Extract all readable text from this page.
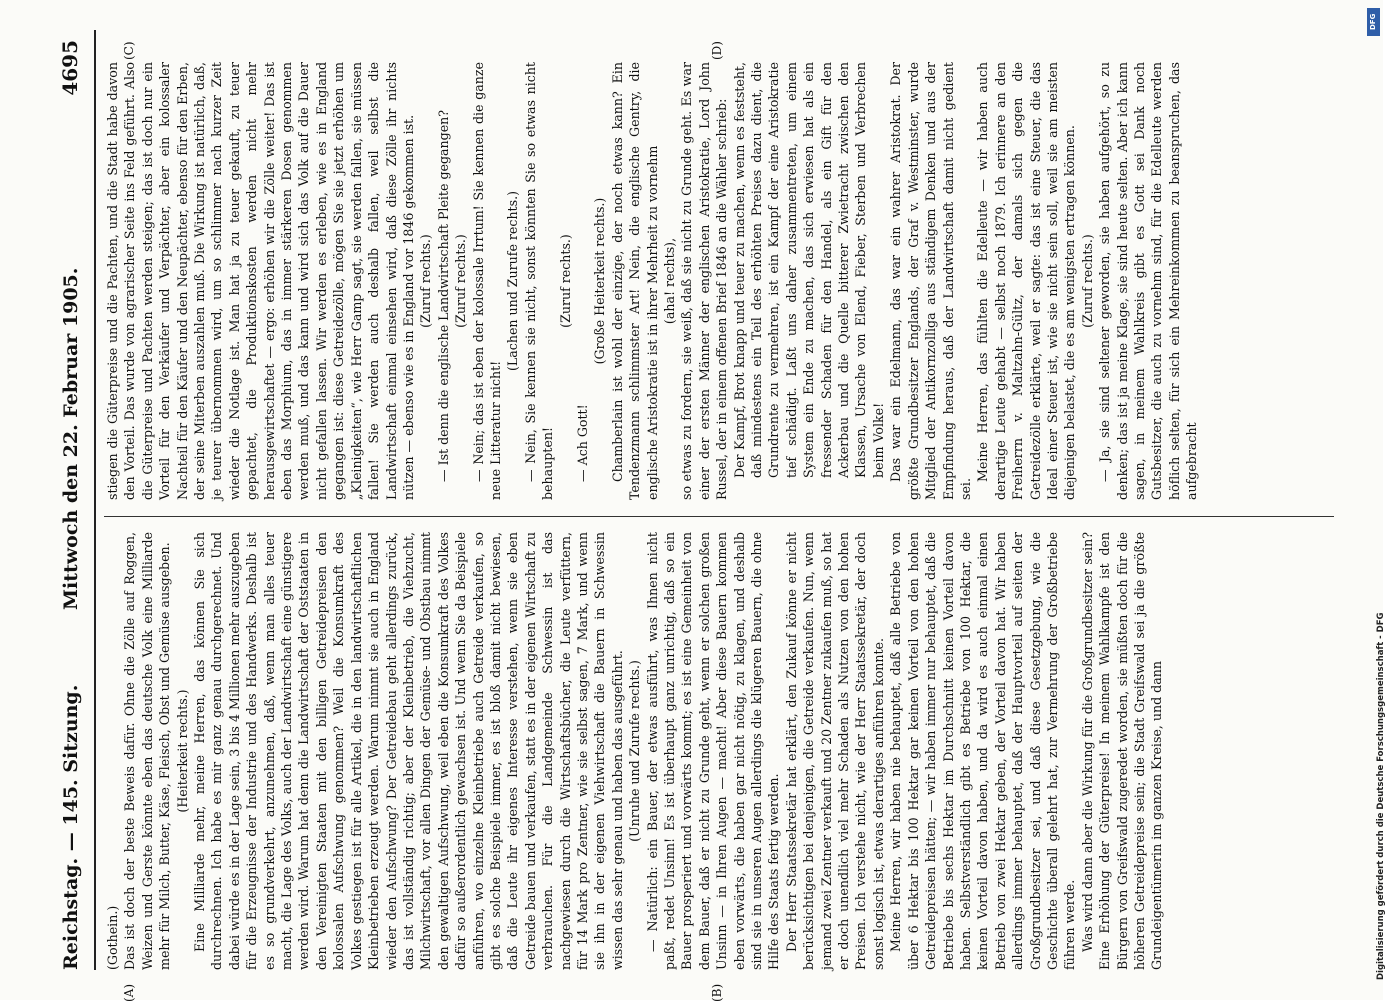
Reichstag. — 145. Sitzung.
Mittwoch den 22. Februar 1905.
4695
(A)	(B)
(C)	(D)

(Gothein.) Das ist doch der beste Beweis dafür. Ohne die Zölle auf Roggen, Weizen und Gerste könnte eben das deutsche Volk eine Milliarde mehr für Milch, Butter, Käse, Fleisch, Obst und Gemüse ausgeben. (Heiterkeit rechts.) Eine Milliarde mehr, meine Herren, das können Sie sich durchrechnen. Ich habe es mir ganz genau durchgerechnet. Und dabei würde es in der Lage sein, 3 bis 4 Millionen mehr auszugeben für die Erzeugnisse der Industrie und des Handwerks. Deshalb ist es so grundverkehrt, anzunehmen, daß, wenn man alles teuer macht, die Lage des Volks, auch der Landwirtschaft eine günstigere werden wird. Warum hat denn die Landwirtschaft der Oststaaten in den Vereinigten Staaten mit den billigen Getreidepreisen den kolossalen Aufschwung genommen? Weil die Konsumkraft des Volkes gestiegen ist für alle Artikel, die in den landwirtschaftlichen Kleinbetrieben erzeugt werden. Warum nimmt sie auch in England wieder den Aufschwung? Der Getreidebau geht allerdings zurück, das ist vollständig richtig; aber der Kleinbetrieb, die Viehzucht, Milchwirtschaft, vor allen Dingen der Gemüse- und Obstbau nimmt den gewaltigen Aufschwung, weil eben die Konsumkraft des Volkes dafür so außerordentlich gewachsen ist. Und wenn Sie da Beispiele anführen, wo einzelne Kleinbetriebe auch Getreide verkaufen, so gibt es solche Beispiele immer, es ist bloß damit nicht bewiesen, daß die Leute ihr eigenes Interesse verstehen, wenn sie eben Getreide bauen und verkaufen, statt es in der eigenen Wirtschaft zu verbrauchen. Für die Landgemeinde Schwessin ist das nachgewiesen durch die Wirtschaftsbücher, die Leute verfüttern, für 14 Mark pro Zentner, wie sie selbst sagen, 7 Mark, und wenn sie ihn in der eigenen Viehwirtschaft die Bauern in Schwessin wissen das sehr genau und haben das ausgeführt. (Unruhe und Zurufe rechts.) — Natürlich: ein Bauer, der etwas ausführt, was Ihnen nicht paßt, redet Unsinn! Es ist überhaupt ganz unrichtig, daß so ein Bauer prosperiert und vorwärts kommt; es ist eine Gemeinheit von dem Bauer, daß er nicht zu Grunde geht, wenn er solchen großen Unsinn — in Ihren Augen — macht! Aber diese Bauern kommen eben vorwärts, die haben gar nicht nötig, zu klagen, und deshalb sind sie in unseren Augen allerdings die klügeren Bauern, die ohne Hilfe des Staats fertig werden. Der Herr Staatssekretär hat erklärt, den Zukauf könne er nicht berücksichtigen bei denjenigen, die Getreide verkaufen. Nun, wenn jemand zwei Zentner verkauft und 20 Zentner zukaufen muß, so hat er doch unendlich viel mehr Schaden als Nutzen von den hohen Preisen. Ich verstehe nicht, wie der Herr Staatssekretär, der doch sonst logisch ist, etwas derartiges anführen konnte. Meine Herren, wir haben nie behauptet, daß alle Betriebe von über 6 Hektar bis 100 Hektar gar keinen Vorteil von den hohen Getreidepreisen hätten; — wir haben immer nur behauptet, daß die Betriebe bis sechs Hektar im Durchschnitt keinen Vorteil davon haben. Selbstverständlich gibt es Betriebe von 100 Hektar, die keinen Vorteil davon haben, und da wird es auch einmal einen Betrieb von zwei Hektar geben, der Vorteil davon hat. Wir haben allerdings immer behauptet, daß der Hauptvorteil auf seiten der Großgrundbesitzer sei, und daß diese Gesetzgebung, wie die Geschichte überall gelehrt hat, zur Vermehrung der Großbetriebe führen werde. Was wird dann aber die Wirkung für die Großgrundbesitzer sein? Eine Erhöhung der Güterpreise! In meinem Wahlkampfe ist den Bürgern von Greifswald zugeredet worden, sie müßten doch für die höheren Getreidepreise sein; die Stadt Greifswald sei ja die größte Grundeigentümerin im ganzen Kreise, und dann

stiegen die Güterpreise und die Pachten, und die Stadt habe davon den Vorteil. Das wurde von agrarischer Seite ins Feld geführt. Also die Güterpreise und Pachten werden steigen; das ist doch nur ein Vorteil für den Verkäufer und Verpächter, aber ein kolossaler Nachteil für den Käufer und den Neupächter, ebenso für den Erben, der seine Miterben auszahlen muß. Die Wirkung ist natürlich, daß, je teurer übernommen wird, um so schlimmer nach kurzer Zeit wieder die Notlage ist. Man hat ja zu teuer gekauft, zu teuer gepachtet, die Produktionskosten werden nicht mehr herausgewirtschaftet — ergo: erhöhen wir die Zölle weiter! Das ist eben das Morphium, das in immer stärkeren Dosen genommen werden muß, und das kann und wird sich das Volk auf die Dauer nicht gefallen lassen. Wir werden es erleben, wie es in England gegangen ist: diese Getreidezölle, mögen Sie sie jetzt erhöhen um „Kleinigkeiten“, wie Herr Gamp sagt, sie werden fallen, sie müssen fallen! Sie werden auch deshalb fallen, weil selbst die Landwirtschaft einmal einsehen wird, daß diese Zölle ihr nichts nützen — ebenso wie es in England vor 1846 gekommen ist. (Zuruf rechts.) — Ist denn die englische Landwirtschaft Pleite gegangen? (Zuruf rechts.) — Nein; das ist eben der kolossale Irrtum! Sie kennen die ganze neue Litteratur nicht!

(Lachen und Zurufe rechts.) — Nein, Sie kennen sie nicht, sonst könnten Sie so etwas nicht behaupten!

(Zuruf rechts.)

— Ach Gott!

(Große Heiterkeit rechts.) Chamberlain ist wohl der einzige, der noch etwas kann? Ein Tendenzmann schlimmster Art! Nein, die englische Gentry, die englische Aristokratie ist in ihrer Mehrheit zu vornehm (aha! rechts), so etwas zu fordern, sie weiß, daß sie nicht zu Grunde geht. Es war einer der ersten Männer der englischen Aristokratie, Lord John Russel, der in einem offenen Brief 1846 an die Wähler schrieb: Der Kampf, Brot knapp und teuer zu machen, wenn es feststeht, daß mindestens ein Teil des erhöhten Preises dazu dient, die Grundrente zu vermehren, ist ein Kampf der eine Aristokratie tief schädigt. Laßt uns daher zusammentreten, um einem System ein Ende zu machen, das sich erwiesen hat als ein fressender Schaden für den Handel, als ein Gift für den Ackerbau und die Quelle bitterer Zwietracht zwischen den Klassen, Ursache von Elend, Fieber, Sterben und Verbrechen beim Volke! Das war ein Edelmann, das war ein wahrer Aristokrat. Der größte Grundbesitzer Englands, der Graf v. Westminster, wurde Mitglied der Antikornzolliga aus ständigem Denken und aus der Empfindung heraus, daß der Landwirtschaft damit nicht gedient sei.

Meine Herren, das fühlten die Edelleute — wir haben auch derartige Leute gehabt — selbst noch 1879. Ich erinnere an den Freiherrn v. Maltzahn-Gültz, der damals sich gegen die Getreidezölle erklärte, weil er sagte: das ist eine Steuer, die das Ideal einer Steuer ist, wie sie nicht sein soll, weil sie am meisten diejenigen belastet, die es am wenigsten ertragen können. (Zuruf rechts.) — Ja, sie sind seltener geworden, sie haben aufgehört, so zu denken; das ist ja meine Klage, sie sind heute selten. Aber ich kann sagen, in meinem Wahlkreis gibt es Gott sei Dank noch Gutsbesitzer, die auch zu vornehm sind, für die Edelleute werden höflich selten, für sich ein Mehreinkommen zu beanspruchen, das aufgebracht

DFG
Digitalisierung gefördert durch die Deutsche Forschungsgemeinschaft - DFG
